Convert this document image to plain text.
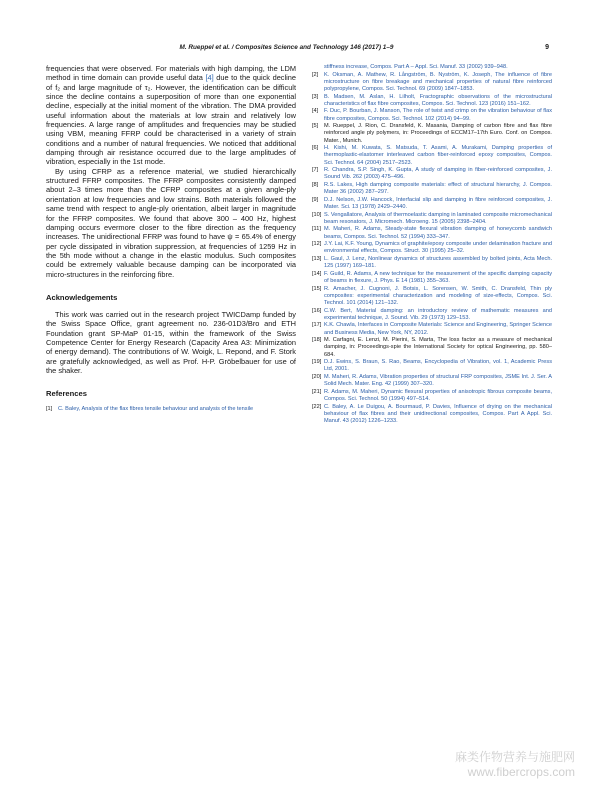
M. Rueppel et al. / Composites Science and Technology 146 (2017) 1–9	9

frequencies that were observed. For materials with high damping, the LDM method in time domain can provide useful data [4] due to the quick decline of f₂ and large magnitude of τ₂. However, the identification can be difficult since the decline contains a superposition of more than one exponential decline, especially at the initial moment of the vibration. The DMA provided useful information about the materials at low strain and relatively low frequencies. A large range of amplitudes and frequencies may be studied using VBM, meaning FFRP could be characterised in a variety of strain conditions and a number of natural frequencies. We noticed that additional damping through air resistance occurred due to the large amplitudes of vibration, especially in the 1st mode.

By using CFRP as a reference material, we studied hierarchically structured FFRP composites. The FFRP composites consistently damped about 2–3 times more than the CFRP composites at a given angle-ply orientation at low frequencies and low strains. Both materials followed the same trend with respect to angle-ply orientation, albeit larger in magnitude for the FFRP composites. We found that above 300 – 400 Hz, highest damping occurs evermore closer to the fibre direction as the frequency increases. The unidirectional FFRP was found to have ψ = 65.4% of energy per cycle dissipated in vibration suppression, at frequencies of 1259 Hz in the 5th mode without a change in the elastic modulus. Such composites could be extremely valuable because damping can be incorporated via micro-structures in the reinforcing fibre.

Acknowledgements

This work was carried out in the research project TWICDamp funded by the Swiss Space Office, grant agreement no. 236-01D3/Bro and ETH Foundation grant SP-MaP 01-15, within the framework of the Swiss Competence Center for Energy Research (Capacity Area A3: Minimization of energy demand). The contributions of W. Woigk, L. Repond, and F. Stork are gratefully acknowledged, as well as Prof. H-P. Gröbelbauer for use of the shaker.

References
[1]	C. Baley, Analysis of the flax fibres tensile behaviour and analysis of the tensile
stiffness increase, Compos. Part A – Appl. Sci. Manuf. 33 (2002) 939–948.
[2]	K. Oksman, A. Mathew, R. Långström, B. Nyström, K. Joseph, The influence of fibre microstructure on fibre breakage and mechanical properties of natural fibre reinforced polypropylene, Compos. Sci. Technol. 69 (2009) 1847–1853.
[3]	B. Madsen, M. Aslan, H. Lilholt, Fractographic observations of the microstructural characteristics of flax fibre composites, Compos. Sci. Technol. 123 (2016) 151–162.
[4]	F. Duc, P. Bourban, J. Manson, The role of twist and crimp on the vibration behaviour of flax fibre composites, Compos. Sci. Technol. 102 (2014) 94–99.
[5]	M. Rueppel, J. Rion, C. Dransfeld, K. Masania, Damping of carbon fibre and flax fibre reinforced angle ply polymers, in: Proceedings of ECCM17–17th Euro. Conf. on Compos. Mater., Munich.
[6]	H. Kishi, M. Kuwata, S. Matsuda, T. Asami, A. Murakami, Damping properties of thermoplastic-elastomer interleaved carbon fiber-reinforced epoxy composites, Compos. Sci. Technol. 64 (2004) 2517–2523.
[7]	R. Chandra, S.P. Singh, K. Gupta, A study of damping in fiber-reinforced composites, J. Sound Vib. 262 (2003) 475–496.
[8]	R.S. Lakes, High damping composite materials: effect of structural hierarchy, J. Compos. Mater 36 (2002) 287–297.
[9]	D.J. Nelson, J.W. Hancock, Interfacial slip and damping in fibre reinforced composites, J. Mater. Sci. 13 (1978) 2429–2440.
[10] S. Vengallatore, Analysis of thermoelastic damping in laminated composite micromechanical beam resonators, J. Micromech. Microeng. 15 (2005) 2398–2404.
[11] M. Maheri, R. Adams, Steady-state flexural vibration damping of honeycomb sandwich beams, Compos. Sci. Technol. 52 (1994) 333–347.
[12] J.Y. Lai, K.F. Young, Dynamics of graphite/epoxy composite under delamination fracture and environmental effects, Compos. Struct. 30 (1995) 25–32.
[13] L. Gaul, J. Lenz, Nonlinear dynamics of structures assembled by bolted joints, Acta Mech. 125 (1997) 169–181.
[14] F. Guild, R. Adams, A new technique for the measurement of the specific damping capacity of beams in flexure, J. Phys. E 14 (1981) 355–363.
[15] R. Amacher, J. Cugnoni, J. Botsis, L. Sorensen, W. Smith, C. Dransfeld, Thin ply composites: experimental characterization and modeling of size-effects, Compos. Sci. Technol. 101 (2014) 121–132.
[16] C.W. Bert, Material damping: an introductory review of mathematic measures and experimental technique, J. Sound. Vib. 29 (1973) 129–153.
[17] K.K. Chawla, Interfaces in Composite Materials: Science and Engineering, Springer Science and Business Media, New York, NY, 2012.
[18] M. Carfagni, E. Lenzi, M. Pierini, S. Marta, The loss factor as a measure of mechanical damping, in: Proceedings-spie the International Society for optical Engineering, pp. 580–684.
[19] D.J. Ewins, S. Braun, S. Rao, Beams, Encyclopedia of Vibration, vol. 1, Academic Press Ltd, 2001.
[20] M. Maheri, R. Adams, Vibration properties of structural FRP composites, JSME Int. J. Ser. A Solid Mech. Mater. Eng. 42 (1999) 307–320.
[21] R. Adams, M. Maheri, Dynamic flexural properties of anisotropic fibrous composite beams, Compos. Sci. Technol. 50 (1994) 497–514.
[22] C. Baley, A. Le Duigou, A. Bourmaud, P. Davies, Influence of drying on the mechanical behaviour of flax fibres and their unidirectional composites, Compos. Part A Appl. Sci. Manuf. 43 (2012) 1226–1233.
麻类作物营养与施肥网
www.fibercrops.com
